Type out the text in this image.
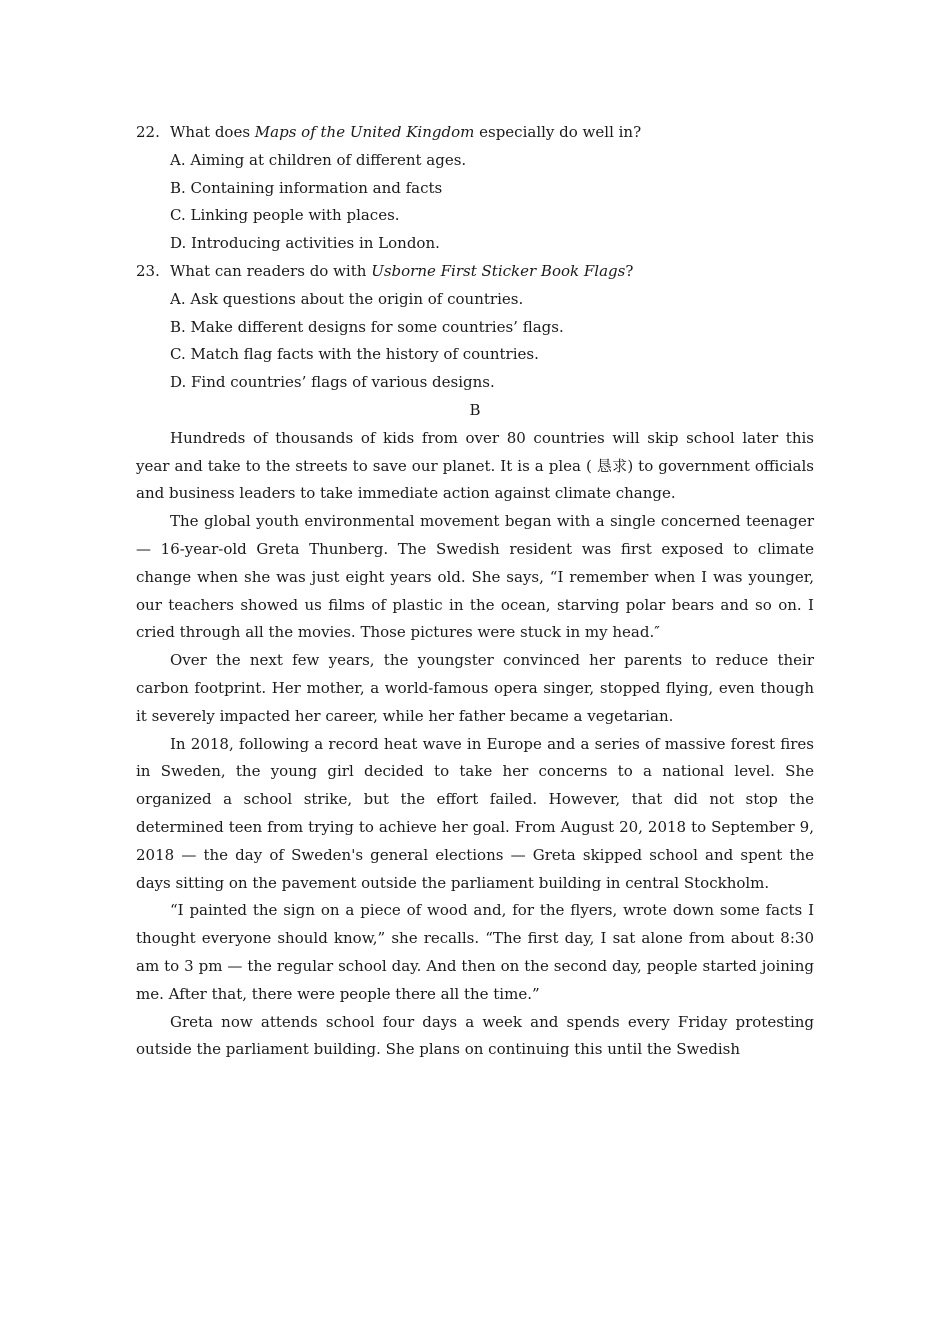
22. What does Maps of the United Kingdom especially do well in?
A. Aiming at children of different ages.
B. Containing information and facts
C. Linking people with places.
D. Introducing activities in London.
23. What can readers do with Usborne First Sticker Book Flags?
A. Ask questions about the origin of countries.
B. Make different designs for some countries’ flags.
C. Match flag facts with the history of countries.
D. Find countries’ flags of various designs.
B

Hundreds of thousands of kids from over 80 countries will skip school later this year and take to the streets to save our planet. It is a plea ( 恳求) to government officials and business leaders to take immediate action against climate change.

The global youth environmental movement began with a single concerned teenager — 16-year-old Greta Thunberg. The Swedish resident was first exposed to climate change when she was just eight years old. She says, “I remember when I was younger, our teachers showed us films of plastic in the ocean, starving polar bears and so on. I cried through all the movies. Those pictures were stuck in my head.″

Over the next few years, the youngster convinced her parents to reduce their carbon footprint. Her mother, a world-famous opera singer, stopped flying, even though it severely impacted her career, while her father became a vegetarian.

In 2018, following a record heat wave in Europe and a series of massive forest fires in Sweden, the young girl decided to take her concerns to a national level. She organized a school strike, but the effort failed. However, that did not stop the determined teen from trying to achieve her goal. From August 20, 2018 to September 9, 2018 — the day of Sweden's general elections — Greta skipped school and spent the days sitting on the pavement outside the parliament building in central Stockholm.

“I painted the sign on a piece of wood and, for the flyers, wrote down some facts I thought everyone should know,” she recalls. “The first day, I sat alone from about 8:30 am to 3 pm — the regular school day. And then on the second day, people started joining me. After that, there were people there all the time.”

Greta now attends school four days a week and spends every Friday protesting outside the parliament building. She plans on continuing this until the Swedish
